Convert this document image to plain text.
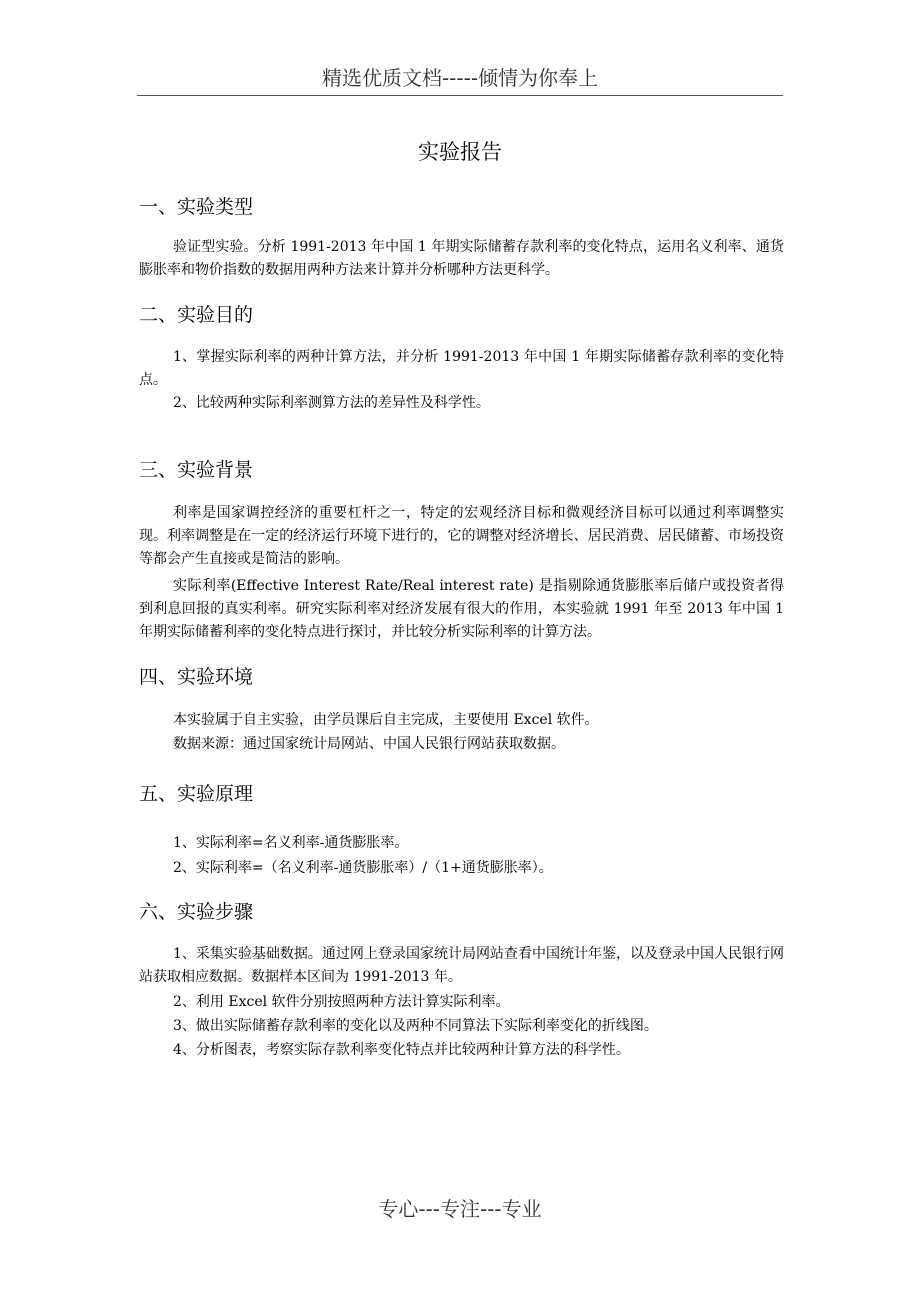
精选优质文档-----倾情为你奉上
实验报告
一、实验类型

验证型实验。分析 1991-2013 年中国 1 年期实际储蓄存款利率的变化特点，运用名义利率、通货膨胀率和物价指数的数据用两种方法来计算并分析哪种方法更科学。

二、实验目的

1、掌握实际利率的两种计算方法，并分析 1991-2013 年中国 1 年期实际储蓄存款利率的变化特点。

2、比较两种实际利率测算方法的差异性及科学性。

三、实验背景

利率是国家调控经济的重要杠杆之一，特定的宏观经济目标和微观经济目标可以通过利率调整实现。利率调整是在一定的经济运行环境下进行的，它的调整对经济增长、居民消费、居民储蓄、市场投资等都会产生直接或是简洁的影响。

实际利率(Effective Interest Rate/Real interest rate) 是指剔除通货膨胀率后储户或投资者得到利息回报的真实利率。研究实际利率对经济发展有很大的作用，本实验就 1991 年至 2013 年中国 1 年期实际储蓄利率的变化特点进行探讨，并比较分析实际利率的计算方法。

四、实验环境

本实验属于自主实验，由学员课后自主完成，主要使用 Excel 软件。

数据来源：通过国家统计局网站、中国人民银行网站获取数据。

五、实验原理

1、实际利率=名义利率-通货膨胀率。

2、实际利率=（名义利率-通货膨胀率）/（1+通货膨胀率）。

六、实验步骤

1、采集实验基础数据。通过网上登录国家统计局网站查看中国统计年鉴，以及登录中国人民银行网站获取相应数据。数据样本区间为 1991-2013 年。

2、利用 Excel 软件分别按照两种方法计算实际利率。

3、做出实际储蓄存款利率的变化以及两种不同算法下实际利率变化的折线图。

4、分析图表，考察实际存款利率变化特点并比较两种计算方法的科学性。

专心---专注---专业
